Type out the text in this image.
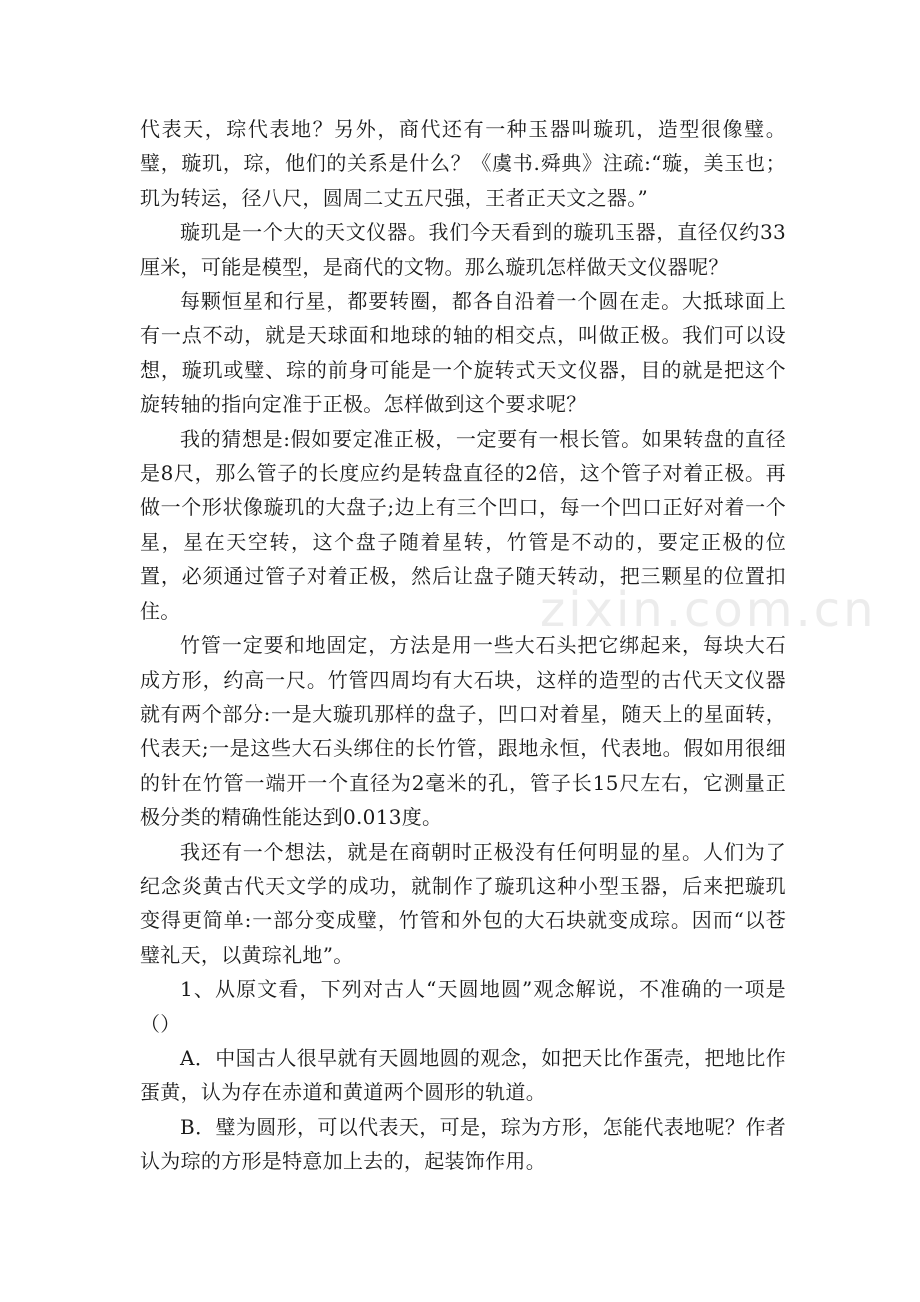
代表天，琮代表地？另外，商代还有一种玉器叫璇玑，造型很像璧。璧，璇玑，琮，他们的关系是什么？《虞书.舜典》注疏:“璇，美玉也；玑为转运，径八尺，圆周二丈五尺强，王者正天文之器。”

璇玑是一个大的天文仪器。我们今天看到的璇玑玉器，直径仅约33厘米，可能是模型，是商代的文物。那么璇玑怎样做天文仪器呢？

每颗恒星和行星，都要转圈，都各自沿着一个圆在走。大抵球面上有一点不动，就是天球面和地球的轴的相交点，叫做正极。我们可以设想，璇玑或璧、琮的前身可能是一个旋转式天文仪器，目的就是把这个旋转轴的指向定准于正极。怎样做到这个要求呢？

我的猜想是:假如要定准正极，一定要有一根长管。如果转盘的直径是8尺，那么管子的长度应约是转盘直径的2倍，这个管子对着正极。再做一个形状像璇玑的大盘子;边上有三个凹口，每一个凹口正好对着一个星，星在天空转，这个盘子随着星转，竹管是不动的，要定正极的位置，必须通过管子对着正极，然后让盘子随天转动，把三颗星的位置扣住。

竹管一定要和地固定，方法是用一些大石头把它绑起来，每块大石成方形，约高一尺。竹管四周均有大石块，这样的造型的古代天文仪器就有两个部分:一是大璇玑那样的盘子，凹口对着星，随天上的星面转，代表天;一是这些大石头绑住的长竹管，跟地永恒，代表地。假如用很细的针在竹管一端开一个直径为2毫米的孔，管子长15尺左右，它测量正极分类的精确性能达到0.013度。

我还有一个想法，就是在商朝时正极没有任何明显的星。人们为了纪念炎黄古代天文学的成功，就制作了璇玑这种小型玉器，后来把璇玑变得更简单:一部分变成璧，竹管和外包的大石块就变成琮。因而“以苍璧礼天，以黄琮礼地”。

1、从原文看，下列对古人“天圆地圆”观念解说，不准确的一项是（）

A．中国古人很早就有天圆地圆的观念，如把天比作蛋壳，把地比作蛋黄，认为存在赤道和黄道两个圆形的轨道。

B．璧为圆形，可以代表天，可是，琮为方形，怎能代表地呢？作者认为琮的方形是特意加上去的，起装饰作用。

zixin.com.cn
